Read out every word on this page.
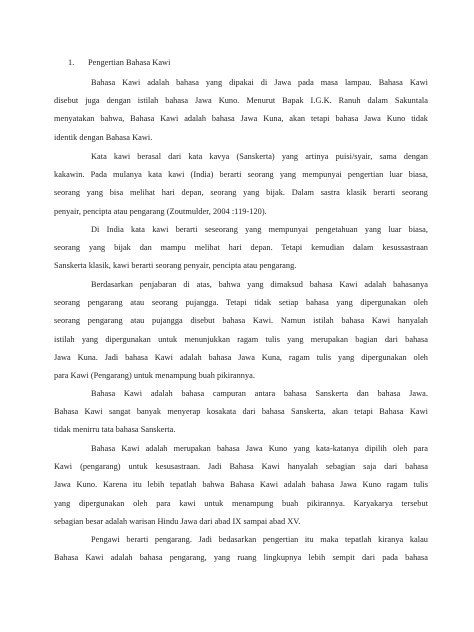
1. Pengertian Bahasa Kawi
Bahasa Kawi adalah bahasa yang dipakai di Jawa pada masa lampau. Bahasa Kawi
disebut juga dengan istilah bahasa Jawa Kuno. Menurut Bapak I.G.K. Ranuh dalam Sakuntala
menyatakan bahwa, Bahasa Kawi adalah bahasa Jawa Kuna, akan tetapi bahasa Jawa Kuno tidak
identik dengan Bahasa Kawi.
Kata kawi berasal dari kata kavya (Sanskerta) yang artinya puisi/syair, sama dengan
kakawin. Pada mulanya kata kawi (India) berarti seorang yang mempunyai pengertian luar biasa,
seorang yang bisa melihat hari depan, seorang yang bijak. Dalam sastra klasik berarti seorang
penyair, pencipta atau pengarang (Zoutmulder, 2004 :119-120).
Di India kata kawi berarti seseorang yang mempunyai pengetahuan yang luar biasa,
seorang yang bijak dan mampu melihat hari depan. Tetapi kemudian dalam kesussastraan
Sanskerta klasik, kawi berarti seorang penyair, pencipta atau pengarang.
Berdasarkan penjabaran di atas, bahwa yang dimaksud bahasa Kawi adalah bahasanya
seorang pengarang atau seorang pujangga. Tetapi tidak setiap bahasa yang dipergunakan oleh
seorang pengarang atau pujangga disebut bahasa Kawi. Namun istilah bahasa Kawi hanyalah
istilah yang dipergunakan untuk menunjukkan ragam tulis yang merupakan bagian dari bahasa
Jawa Kuna. Jadi bahasa Kawi adalah bahasa Jawa Kuna, ragam tulis yang dipergunakan oleh
para Kawi (Pengarang) untuk menampung buah pikirannya.
Bahasa Kawi adalah bahasa campuran antara bahasa Sanskerta dan bahasa Jawa.
Bahasa Kawi sangat banyak menyerap kosakata dari bahasa Sanskerta, akan tetapi Bahasa Kawi
tidak menirru tata bahasa Sanskerta.
Bahasa Kawi adalah merupakan bahasa Jawa Kuno yang kata-katanya dipilih oleh para
Kawi (pengarang) untuk kesusastraan. Jadi Bahasa Kawi hanyalah sebagian saja dari bahasa
Jawa Kuno. Karena itu lebih tepatlah bahwa Bahasa Kawi adalah bahasa Jawa Kuno ragam tulis
yang dipergunakan oleh para kawi untuk menampung buah pikirannya. Karyakarya tersebut
sebagian besar adalah warisan Hindu Jawa dari abad IX sampai abad XV.
Pengawi berarti pengarang. Jadi bedasarkan pengertian itu maka tepatlah kiranya kalau
Bahasa Kawi adalah bahasa pengarang, yang ruang lingkupnya lebih sempit dari pada bahasa
